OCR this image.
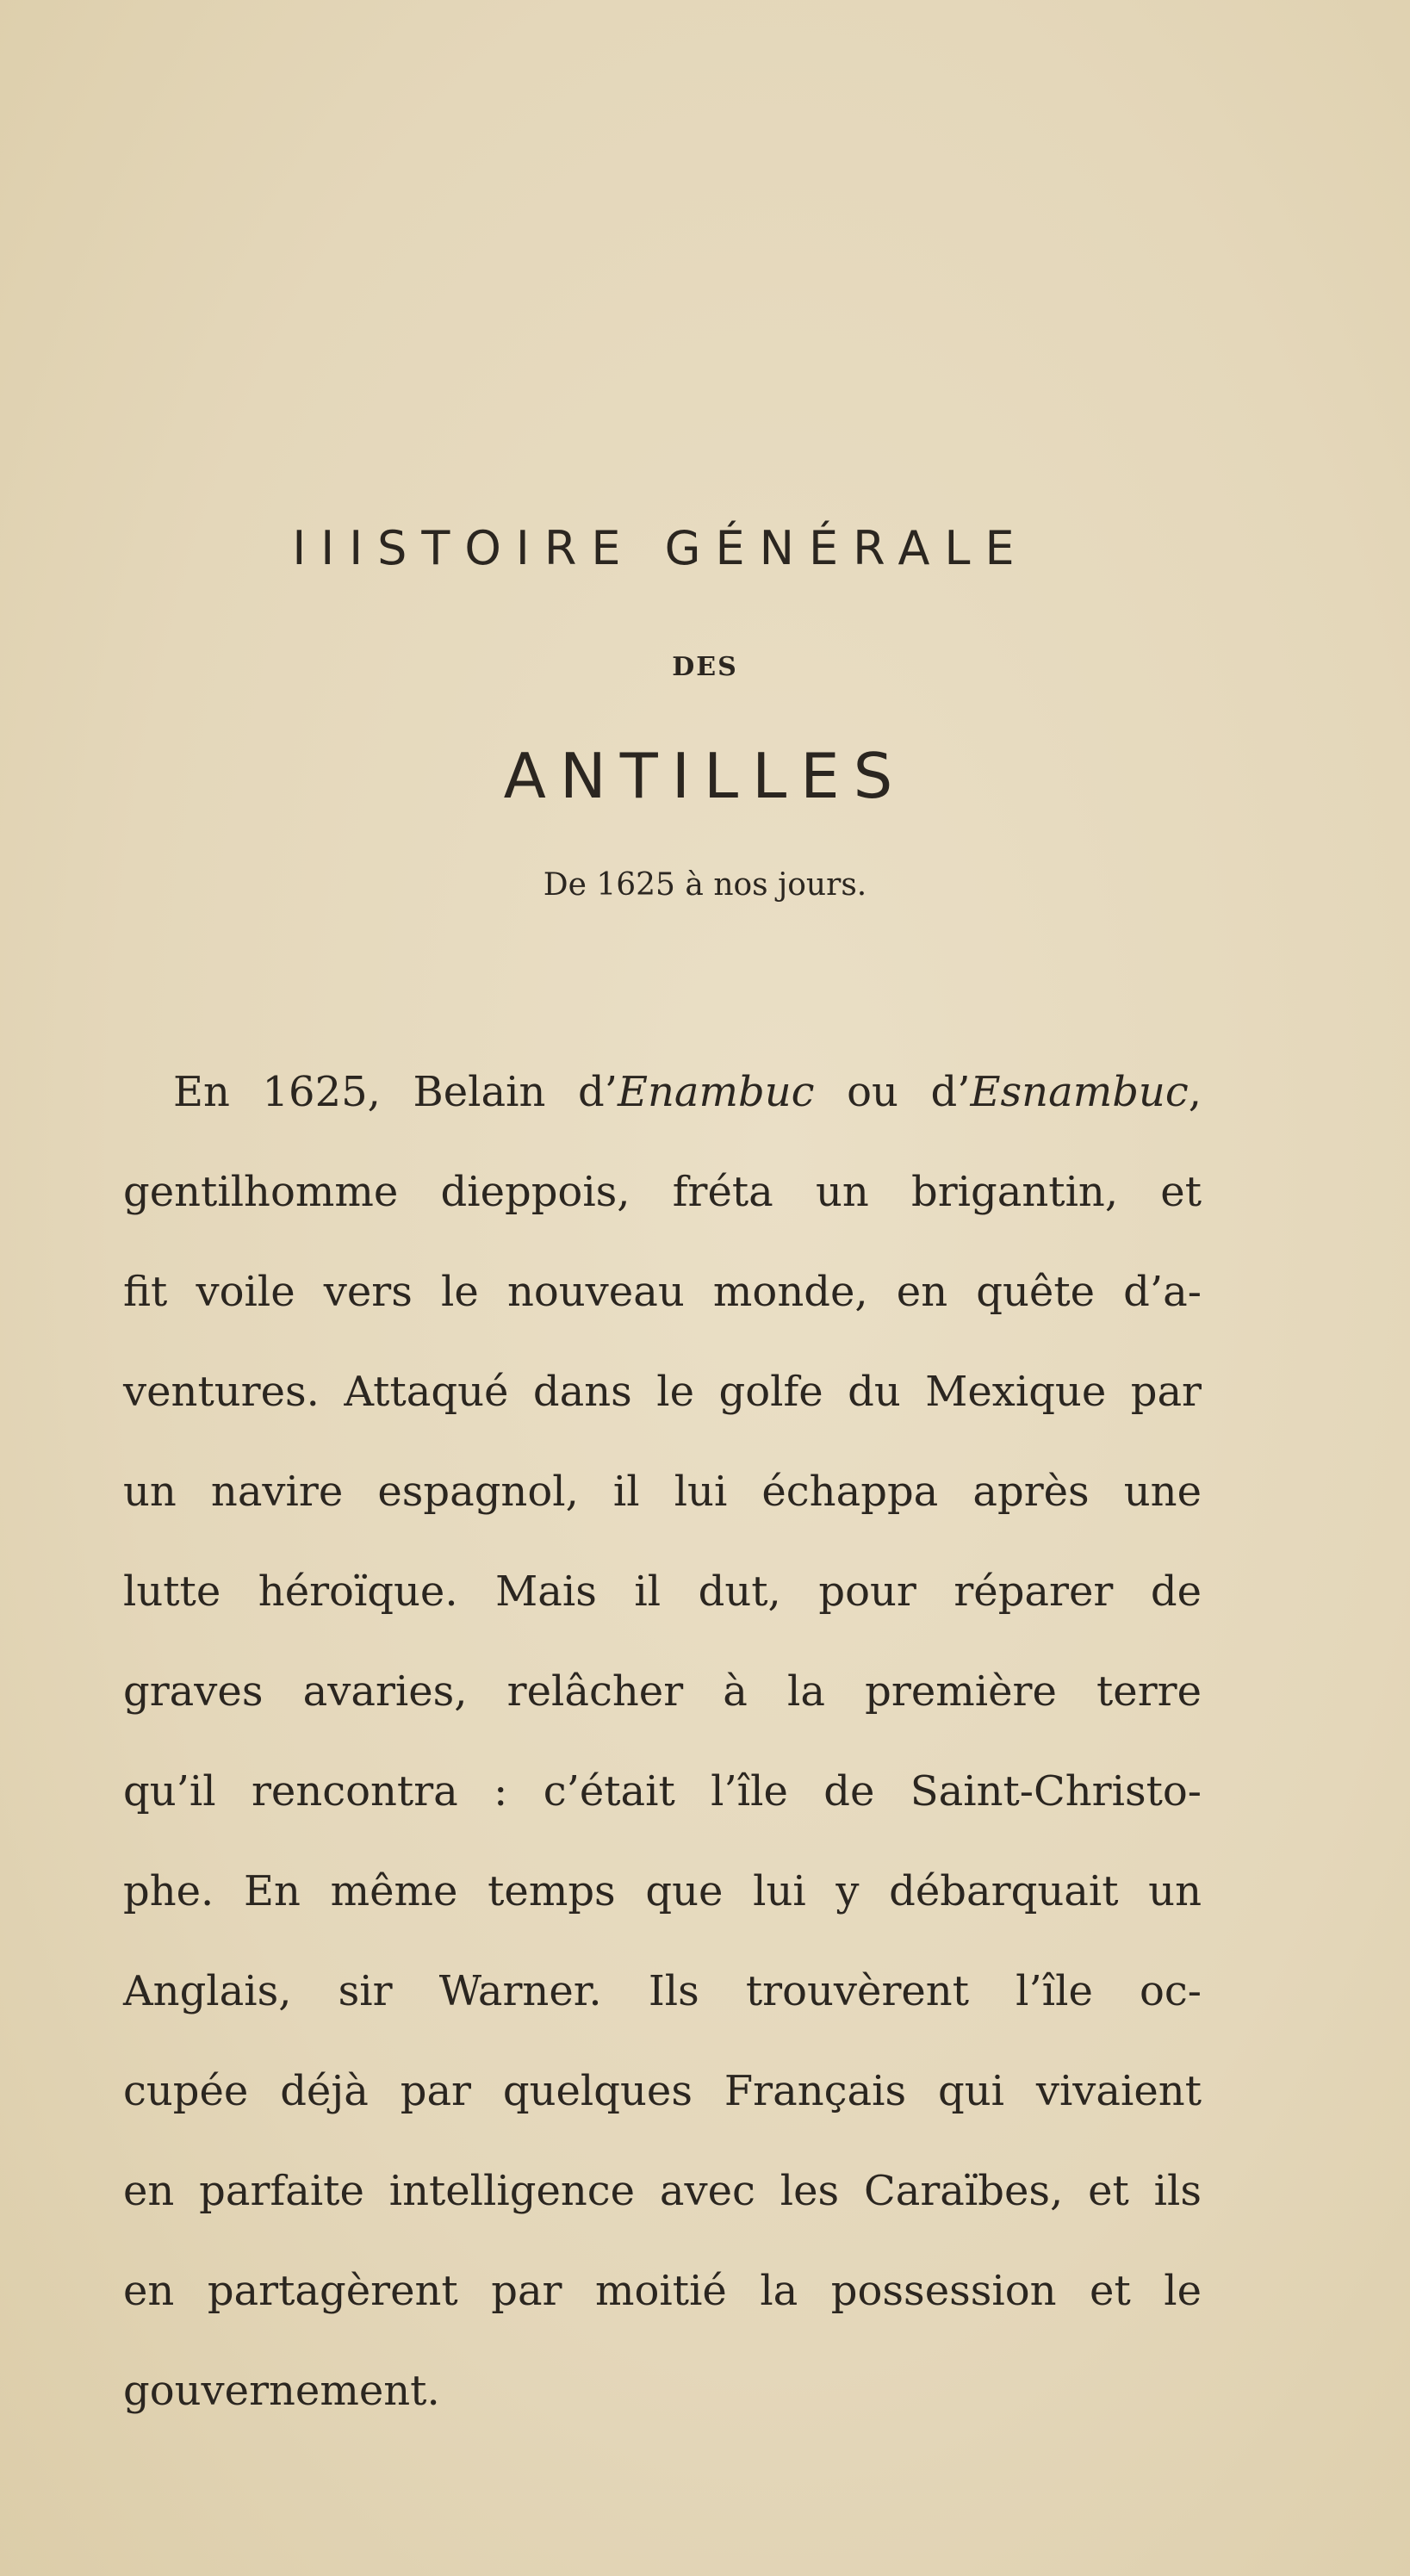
IIISTOIRE GÉNÉRALE
DES
ANTILLES
De 1625 à nos jours.
En 1625, Belain d’Enambuc ou d’Esnambuc,
gentilhomme dieppois, fréta un brigantin, et
fit voile vers le nouveau monde, en quête d’a-
ventures. Attaqué dans le golfe du Mexique par
un navire espagnol, il lui échappa après une
lutte héroïque. Mais il dut, pour réparer de
graves avaries, relâcher à la première terre
qu’il rencontra : c’était l’île de Saint-Christo-
phe. En même temps que lui y débarquait un
Anglais, sir Warner. Ils trouvèrent l’île oc-
cupée déjà par quelques Français qui vivaient
en parfaite intelligence avec les Caraïbes, et ils
en partagèrent par moitié la possession et le
gouvernement.
